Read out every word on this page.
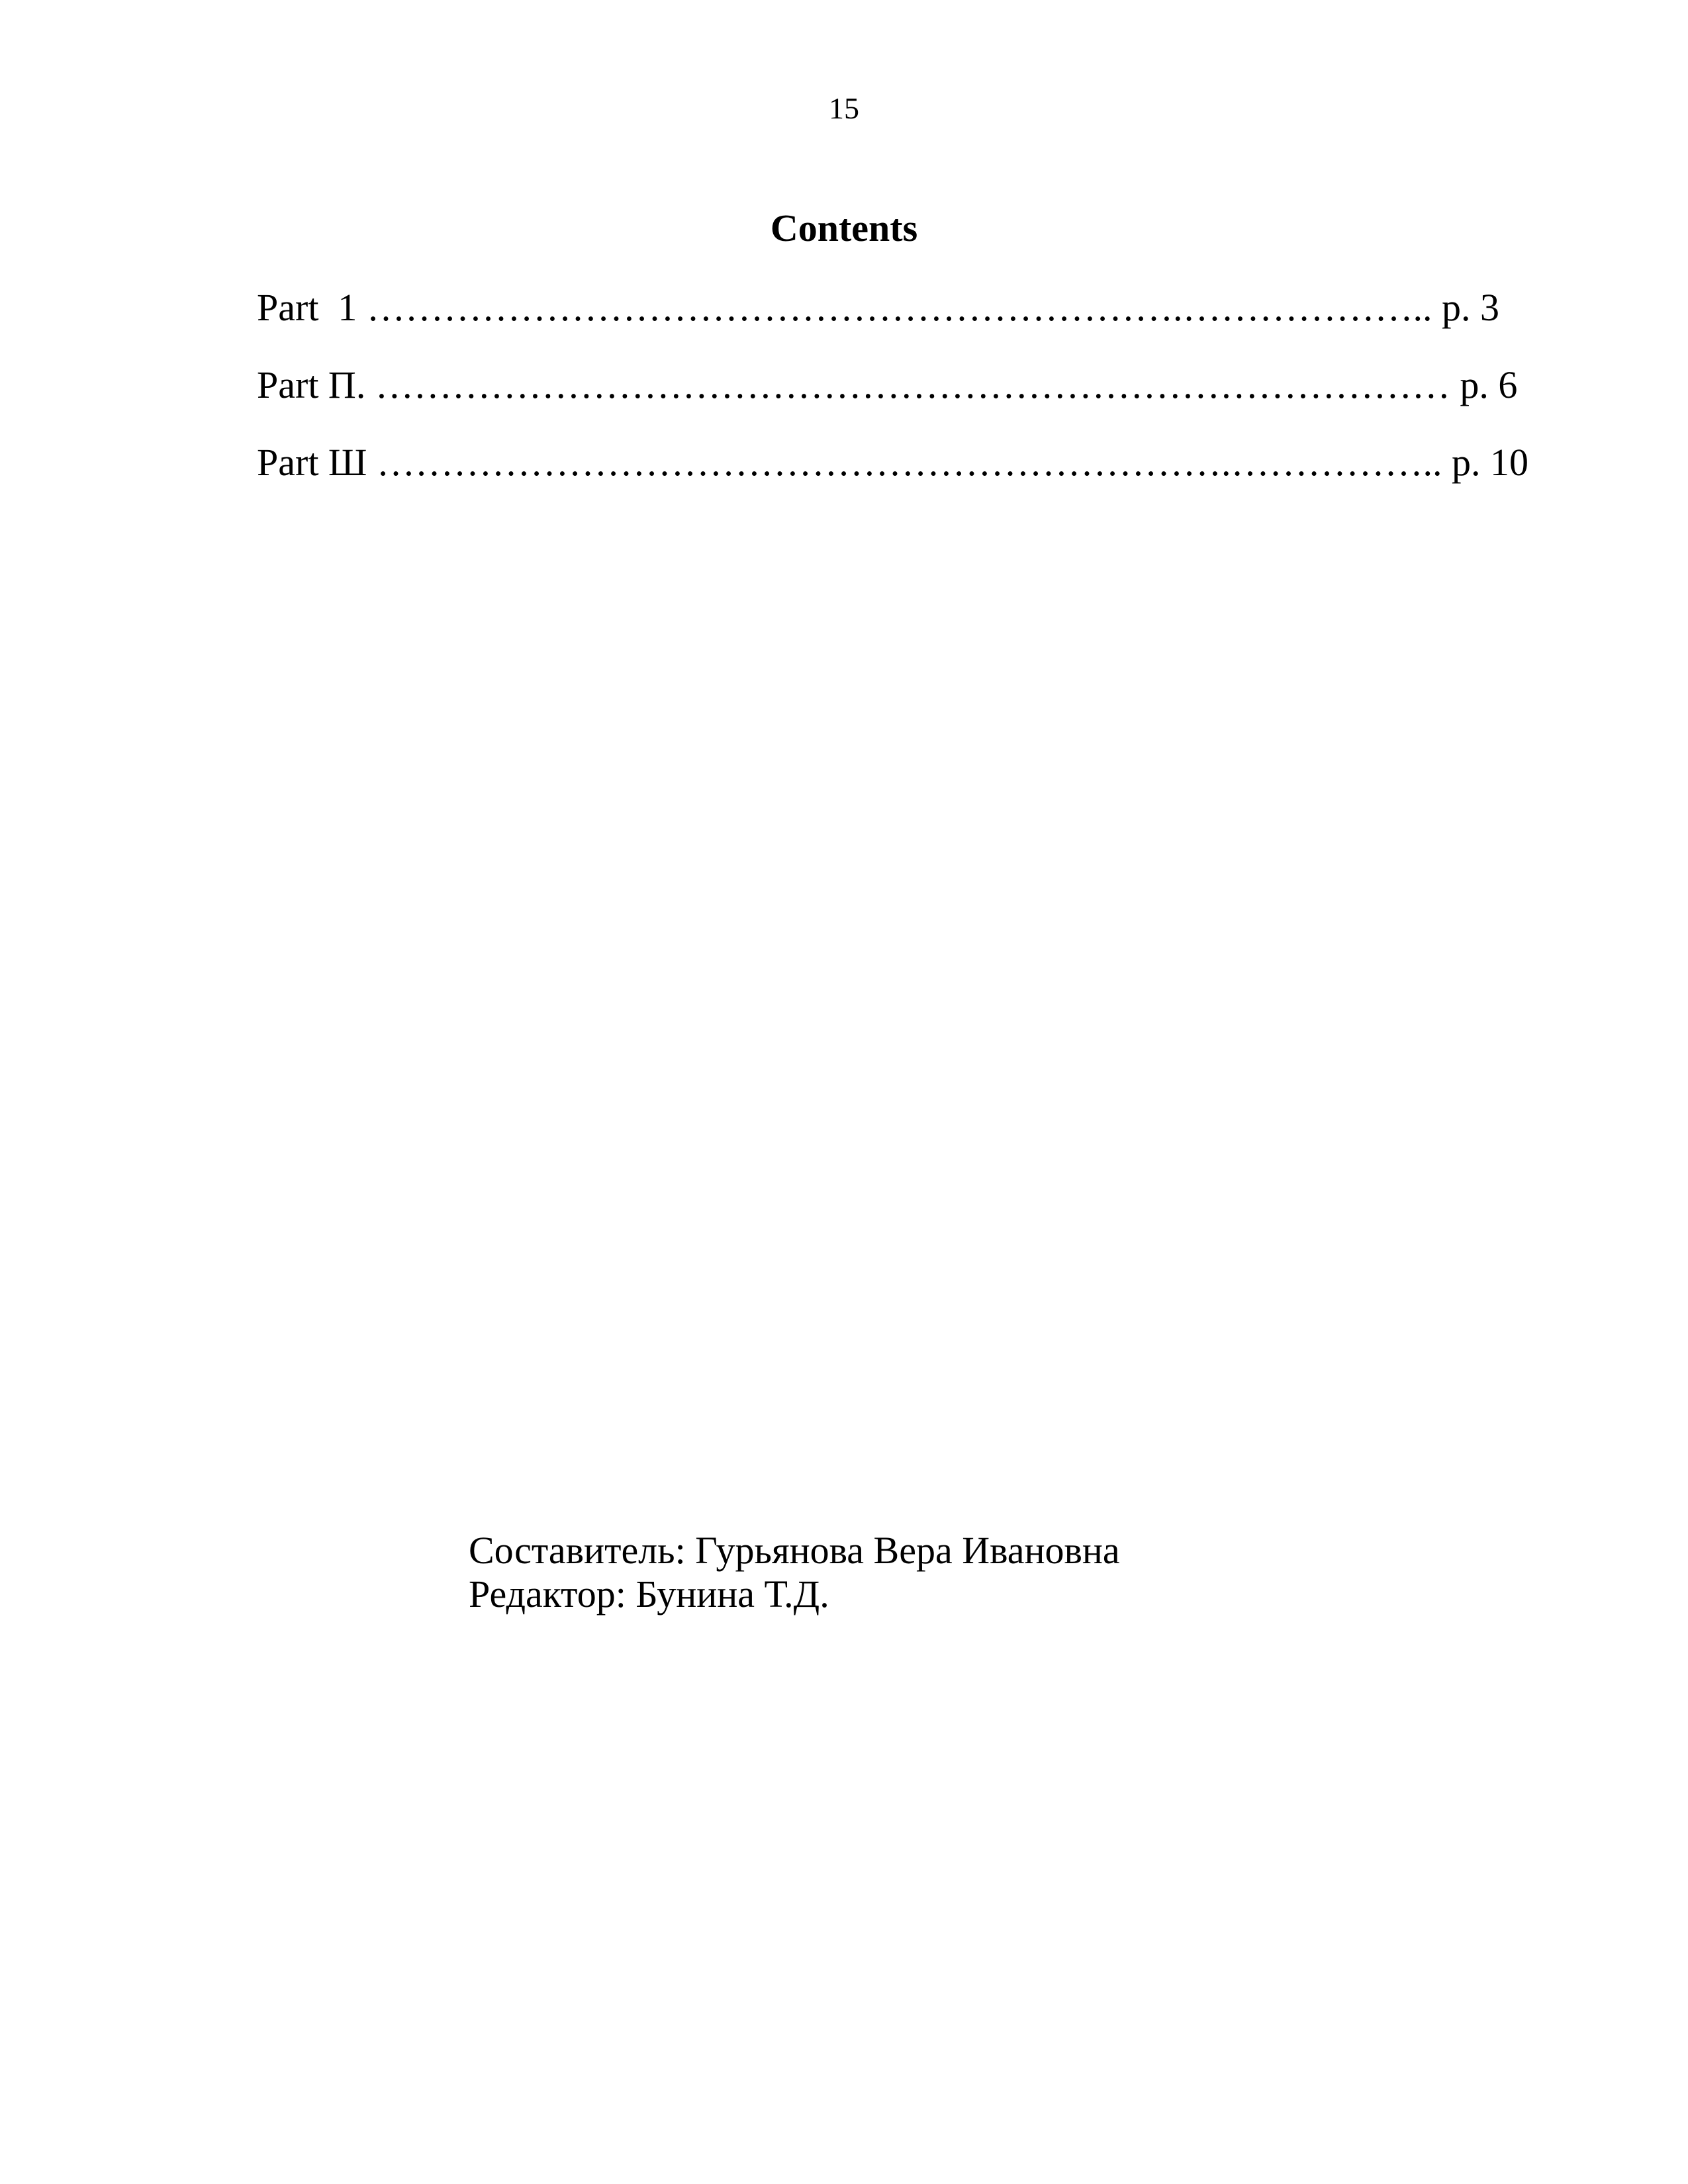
15
Contents
Part  1 ……………………………………………………….……………….. p. 3
Part П. ………………………………………………………………………… p. 6
Part Ш ………………………………………………………….…………….. p. 10
Составитель: Гурьянова Вера Ивановна
Редактор: Бунина Т.Д.
